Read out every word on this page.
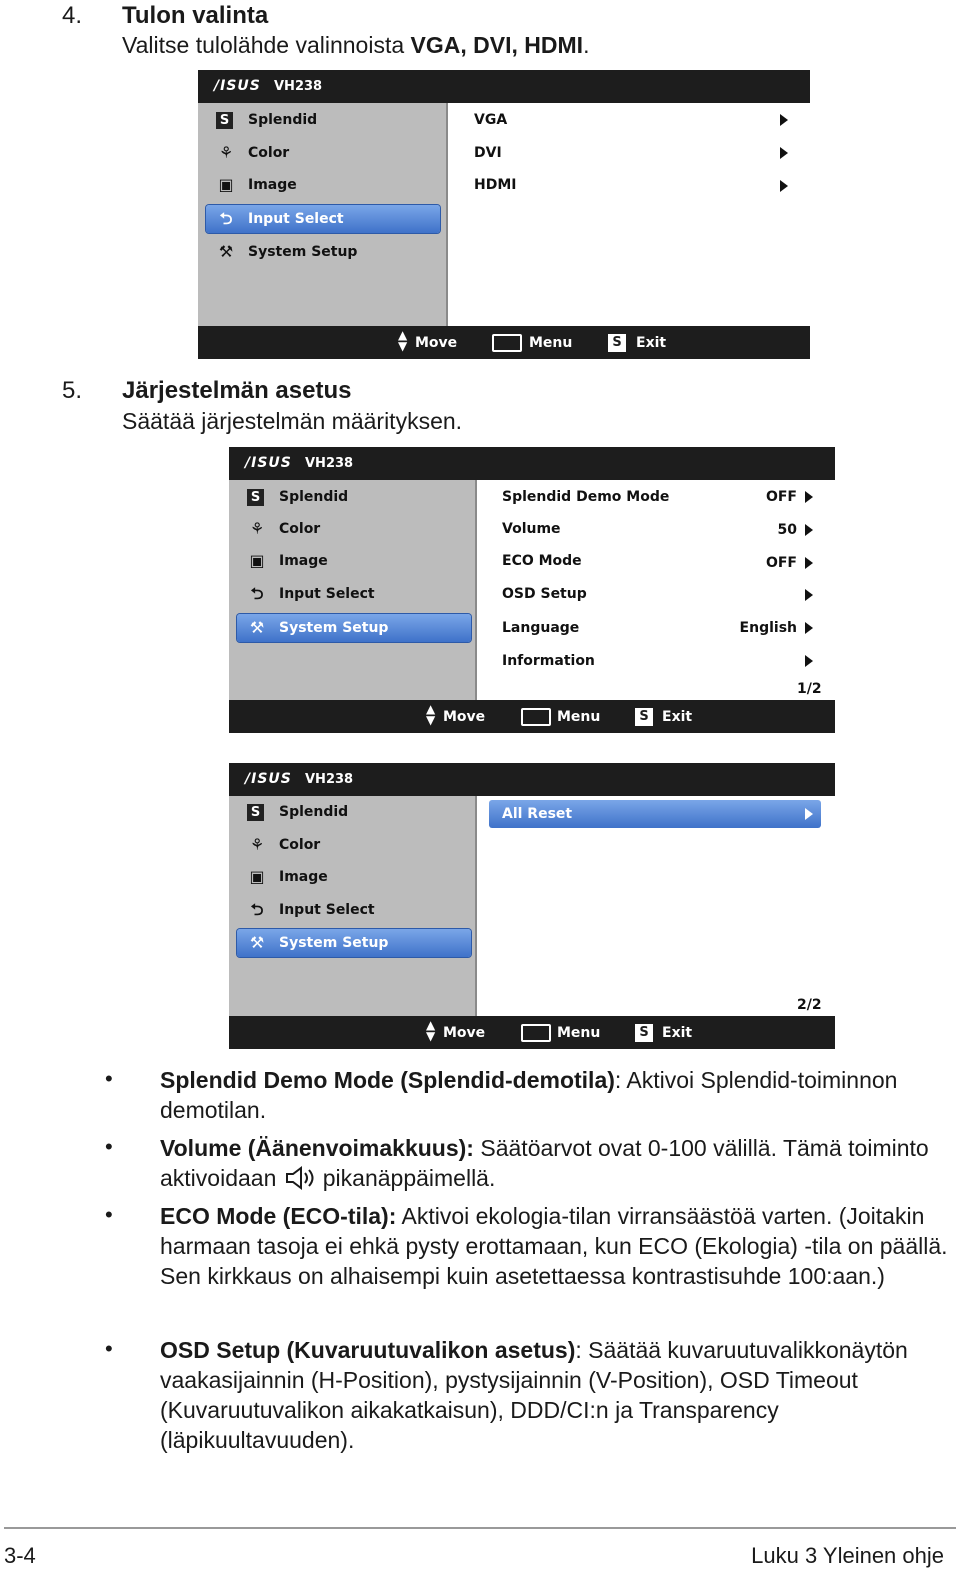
4. Tulon valinta
Valitse tulolähde valinnoista VGA, DVI, HDMI.
/ISUS VH238
S Splendid
⚘ Color
▣ Image
⮌ Input Select
⚒ System Setup
VGA
DVI
HDMI
▲
▼ Move	Menu	S	Exit
5. Järjestelmän asetus
Säätää järjestelmän määrityksen.
/ISUS VH238
S Splendid
⚘ Color
▣ Image
⮌ Input Select
⚒ System Setup
Splendid Demo Mode	OFF
Volume	50
ECO Mode	OFF
OSD Setup
Language	English
Information
1/2
▲
▼ Move	Menu	S Exit
/ISUS VH238
All Reset
S Splendid
⚘ Color
▣ Image
⮌ Input Select
⚒ System Setup
2/2
▲
▼ Move	Menu	S Exit
• Splendid Demo Mode (Splendid-demotila): Aktivoi Splendid-toiminnon demotilan.
• Volume (Äänenvoimakkuus): Säätöarvot ovat 0-100 välillä. Tämä toiminto aktivoidaan pikanäppäimellä.
• ECO Mode (ECO-tila): Aktivoi ekologia-tilan virransäästöä varten. (Joitakin harmaan tasoja ei ehkä pysty erottamaan, kun ECO (Ekologia) -tila on päällä. Sen kirkkaus on alhaisempi kuin asetettaessa kontrastisuhde 100:aan.)
• OSD Setup (Kuvaruutuvalikon asetus): Säätää kuvaruutuvalikkonäytön vaakasijainnin (H-Position), pystysijainnin (V-Position), OSD Timeout (Kuvaruutuvalikon aikakatkaisun), DDD/CI:n ja Transparency (läpikuultavuuden).
3-4	Luku 3 Yleinen ohje
